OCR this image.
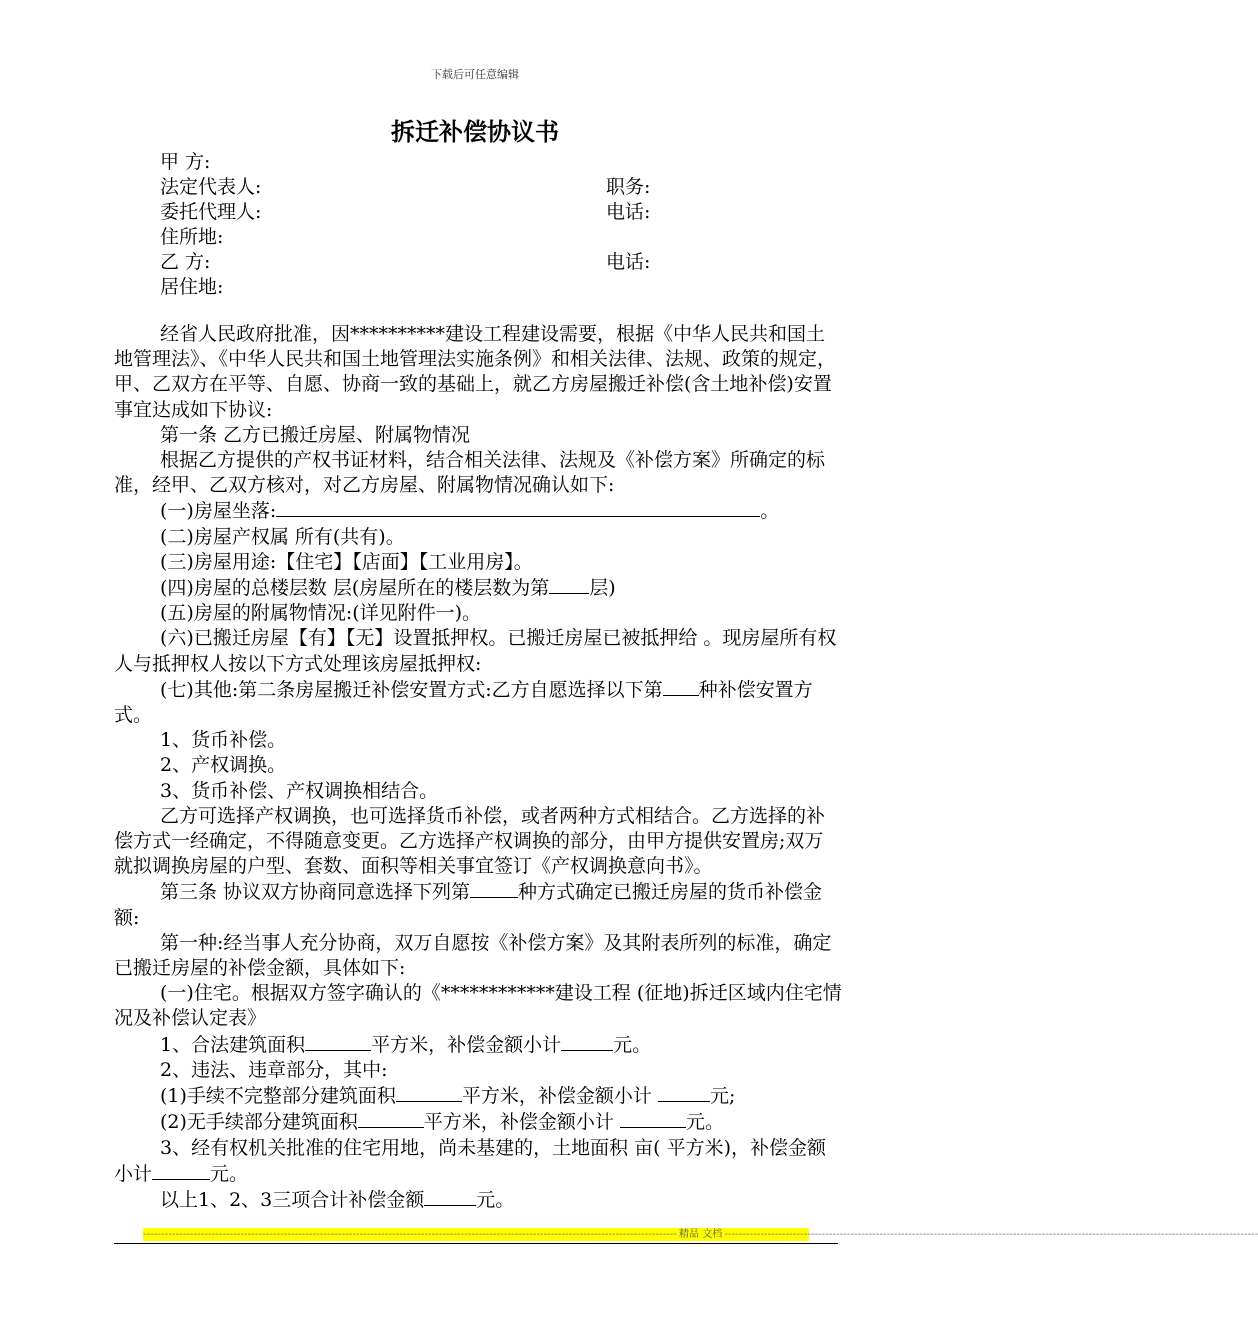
下载后可任意编辑
拆迁补偿协议书
甲 方:
法定代表人:	职务:
委托代理人:	电话:
住所地:
乙 方:	电话:
居住地:

经省人民政府批准，因**********建设工程建设需要，根据《中华人民共和国土地管理法》、《中华人民共和国土地管理法实施条例》和相关法律、法规、政策的规定，甲、乙双方在平等、自愿、协商一致的基础上，就乙方房屋搬迁补偿(含土地补偿)安置事宜达成如下协议:

第一条 乙方已搬迁房屋、附属物情况

根据乙方提供的产权书证材料，结合相关法律、法规及《补偿方案》所确定的标准，经甲、乙双方核对，对乙方房屋、附属物情况确认如下:

(一)房屋坐落:	。

(二)房屋产权属 所有(共有)。

(三)房屋用途:【住宅】【店面】【工业用房】。

(四)房屋的总楼层数 层(房屋所在的楼层数为第 层)

(五)房屋的附属物情况:(详见附件一)。

(六)已搬迁房屋【有】【无】设置抵押权。已搬迁房屋已被抵押给 。现房屋所有权人与抵押权人按以下方式处理该房屋抵押权:

(七)其他:第二条房屋搬迁补偿安置方式:乙方自愿选择以下第 种补偿安置方式。

1、货币补偿。

2、产权调换。

3、货币补偿、产权调换相结合。

乙方可选择产权调换，也可选择货币补偿，或者两种方式相结合。乙方选择的补偿方式一经确定，不得随意变更。乙方选择产权调换的部分，由甲方提供安置房;双万就拟调换房屋的户型、套数、面积等相关事宜签订《产权调换意向书》。

第三条 协议双方协商同意选择下列第	种方式确定已搬迁房屋的货币补偿金额:

第一种:经当事人充分协商，双万自愿按《补偿方案》及其附表所列的标准，确定已搬迁房屋的补偿金额，具体如下:

(一)住宅。根据双方签字确认的《************建设工程 (征地)拆迁区域内住宅情况及补偿认定表》

1、合法建筑面积	平方米，补偿金额小计	元。

2、违法、违章部分，其中:

(1)手续不完整部分建筑面积	平方米，补偿金额小计	元;

(2)无手续部分建筑面积	平方米，补偿金额小计	元。

3、经有权机关批准的住宅用地，尚未基建的，土地面积 亩( 平方米)，补偿金额小计	元。

以上1、2、3三项合计补偿金额	元。

---------------------------------------------------------------------------------------------------------------------------------------------------- 精品 文档 ----------------------------------------------------------------------------------------------------------------------------------------------------
